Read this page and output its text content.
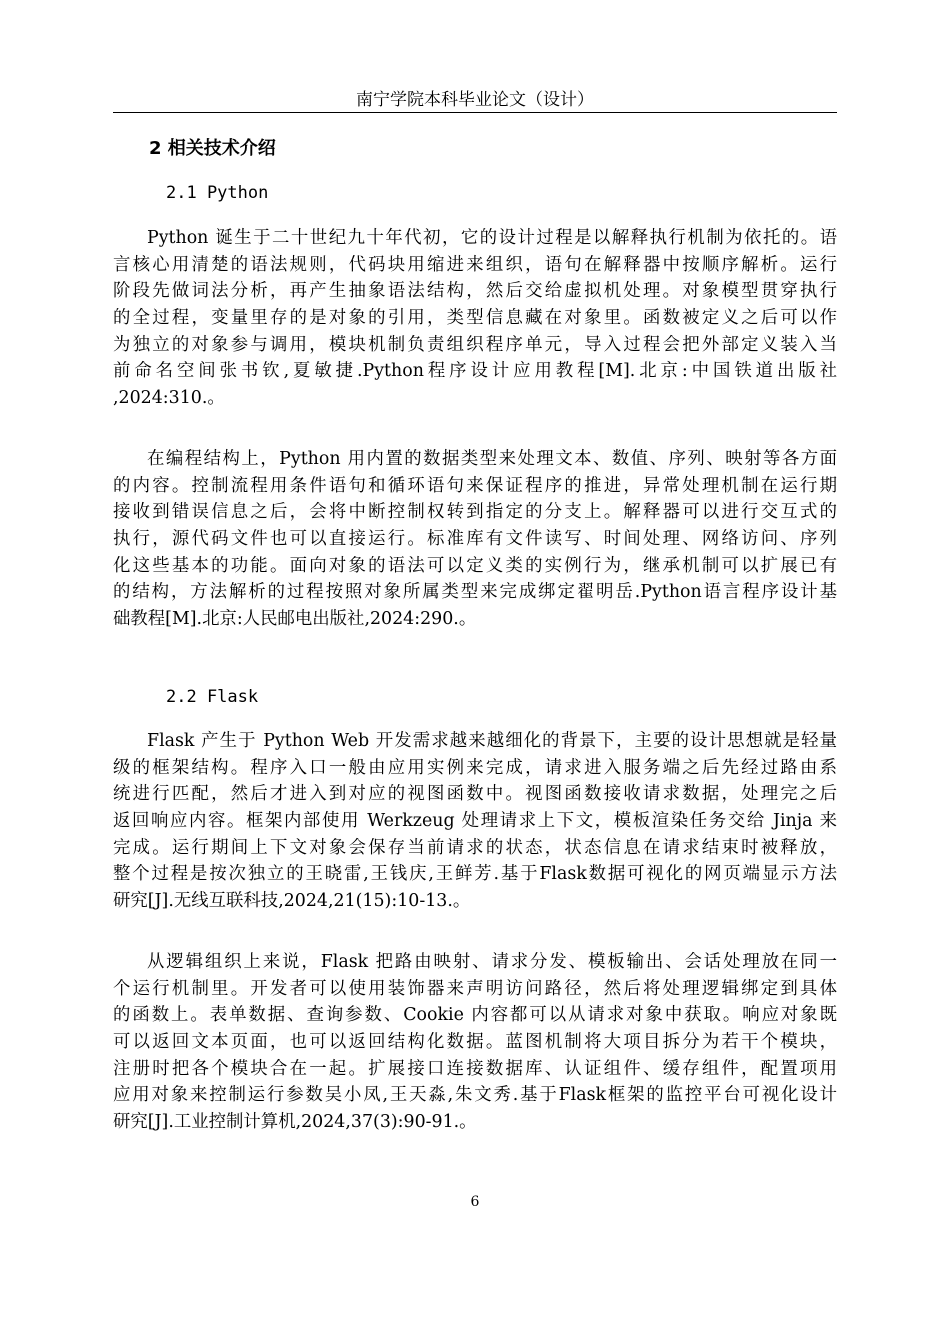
南宁学院本科毕业论文（设计）
2 相关技术介绍
2.1 Python
Python 诞生于二十世纪九十年代初，它的设计过程是以解释执行机制为依托的。语
言核心用清楚的语法规则，代码块用缩进来组织，语句在解释器中按顺序解析。运行
阶段先做词法分析，再产生抽象语法结构，然后交给虚拟机处理。对象模型贯穿执行
的全过程，变量里存的是对象的引用，类型信息藏在对象里。函数被定义之后可以作
为独立的对象参与调用，模块机制负责组织程序单元，导入过程会把外部定义装入当
前命名空间张书钦,夏敏捷.Python程序设计应用教程[M].北京:中国铁道出版社
,2024:310.。
在编程结构上，Python 用内置的数据类型来处理文本、数值、序列、映射等各方面
的内容。控制流程用条件语句和循环语句来保证程序的推进，异常处理机制在运行期
接收到错误信息之后，会将中断控制权转到指定的分支上。解释器可以进行交互式的
执行，源代码文件也可以直接运行。标准库有文件读写、时间处理、网络访问、序列
化这些基本的功能。面向对象的语法可以定义类的实例行为，继承机制可以扩展已有
的结构，方法解析的过程按照对象所属类型来完成绑定翟明岳.Python语言程序设计基
础教程[M].北京:人民邮电出版社,2024:290.。
2.2 Flask
Flask 产生于 Python Web 开发需求越来越细化的背景下，主要的设计思想就是轻量
级的框架结构。程序入口一般由应用实例来完成，请求进入服务端之后先经过路由系
统进行匹配，然后才进入到对应的视图函数中。视图函数接收请求数据，处理完之后
返回响应内容。框架内部使用 Werkzeug 处理请求上下文，模板渲染任务交给 Jinja 来
完成。运行期间上下文对象会保存当前请求的状态，状态信息在请求结束时被释放，
整个过程是按次独立的王晓雷,王钱庆,王鲜芳.基于Flask数据可视化的网页端显示方法
研究[J].无线互联科技,2024,21(15):10-13.。
从逻辑组织上来说，Flask 把路由映射、请求分发、模板输出、会话处理放在同一
个运行机制里。开发者可以使用装饰器来声明访问路径，然后将处理逻辑绑定到具体
的函数上。表单数据、查询参数、Cookie 内容都可以从请求对象中获取。响应对象既
可以返回文本页面，也可以返回结构化数据。蓝图机制将大项目拆分为若干个模块，
注册时把各个模块合在一起。扩展接口连接数据库、认证组件、缓存组件，配置项用
应用对象来控制运行参数吴小凤,王天淼,朱文秀.基于Flask框架的监控平台可视化设计
研究[J].工业控制计算机,2024,37(3):90-91.。
6
